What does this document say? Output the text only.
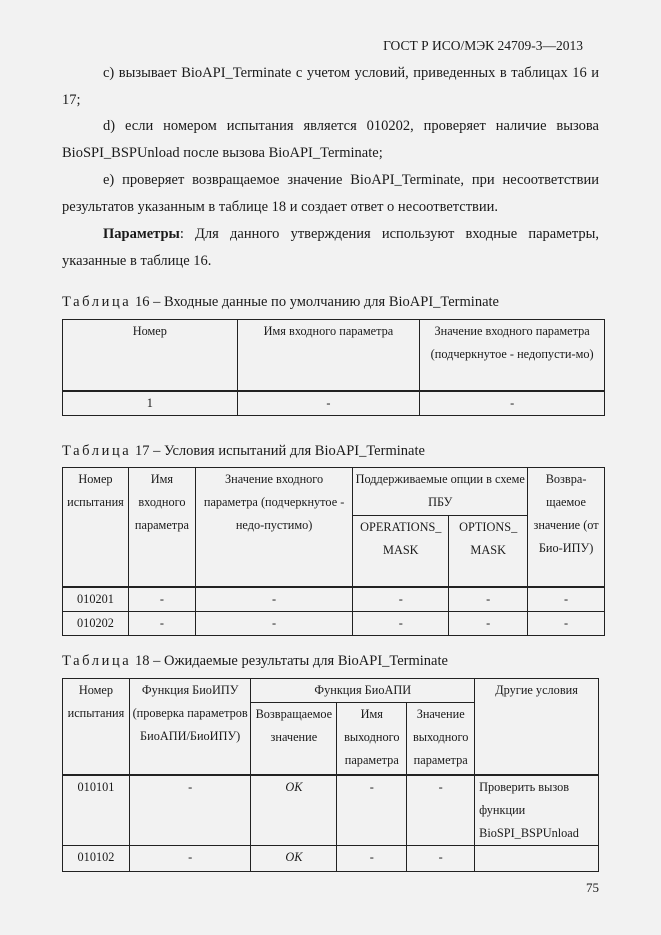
ГОСТ Р ИСО/МЭК 24709-3—2013
c) вызывает BioAPI_Terminate с учетом условий, приведенных в таблицах 16 и 17;
d) если номером испытания является 010202, проверяет наличие вызова BioSPI_BSPUnload после вызова BioAPI_Terminate;
e) проверяет возвращаемое значение BioAPI_Terminate, при несоответствии результатов указанным в таблице 18 и создает ответ о несоответствии.
Параметры: Для данного утверждения используют входные параметры, указанные в таблице 16.
Таблица 16 – Входные данные по умолчанию для BioAPI_Terminate
Номер	Имя входного параметра	Значение входного параметра (подчеркнутое - недопусти-мо)
1	-	-
Таблица 17 – Условия испытаний для BioAPI_Terminate
Номер испытания	Имя входного параметра	Значение входного параметра (подчеркнутое - недо-пустимо)	Поддерживаемые опции в схеме ПБУ		Возвра-щаемое значение (от Био-ИПУ)
			OPERATIONS_ MASK	OPTIONS_ MASK	
010201	-	-	-	-	-
010202	-	-	-	-	-
Таблица 18 – Ожидаемые результаты для BioAPI_Terminate
Номер испытания	Функция БиоИПУ (проверка параметров БиоАПИ/БиоИПУ)	Функция БиоАПИ			Другие условия
		Возвращаемое значение	Имя выходного параметра	Значение выходного параметра	
010101	-	OK	-	-	Проверить вызов функции BioSPI_BSPUnload
010102	-	OK	-	-	
75
